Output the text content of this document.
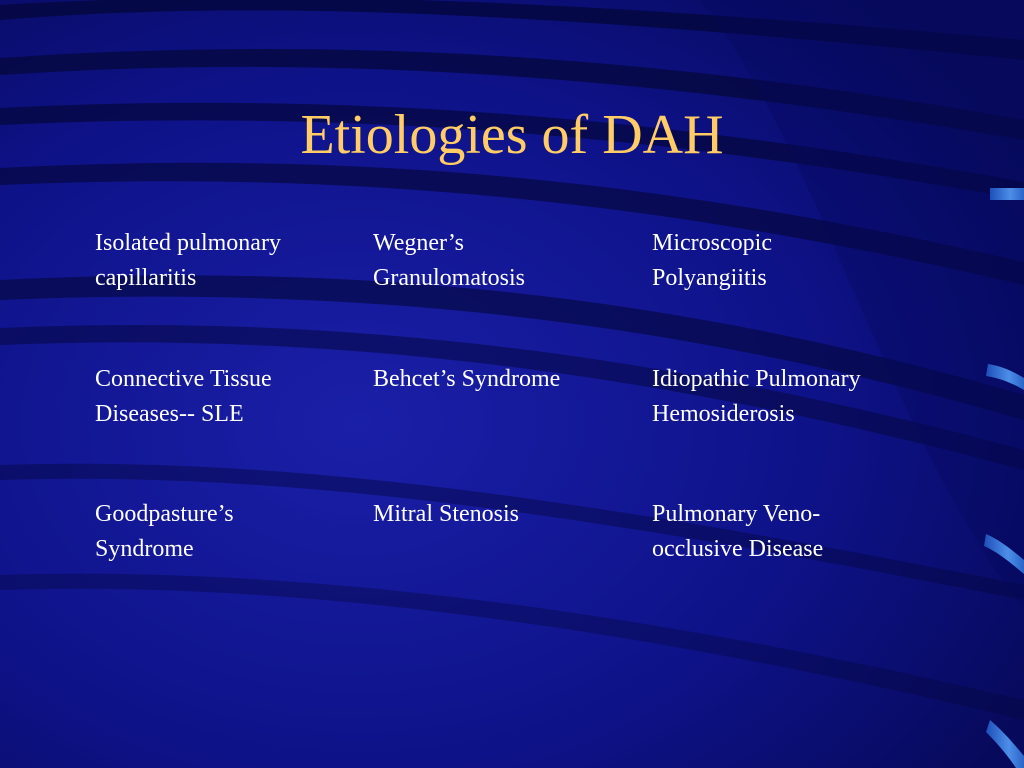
Etiologies of DAH
Isolated pulmonary
capillaritis
Wegner’s
Granulomatosis
Microscopic
Polyangiitis
Connective Tissue
Diseases-- SLE
Behcet’s Syndrome	Idiopathic Pulmonary
Hemosiderosis
Goodpasture’s
Syndrome
Mitral Stenosis	Pulmonary Veno-
occlusive Disease
